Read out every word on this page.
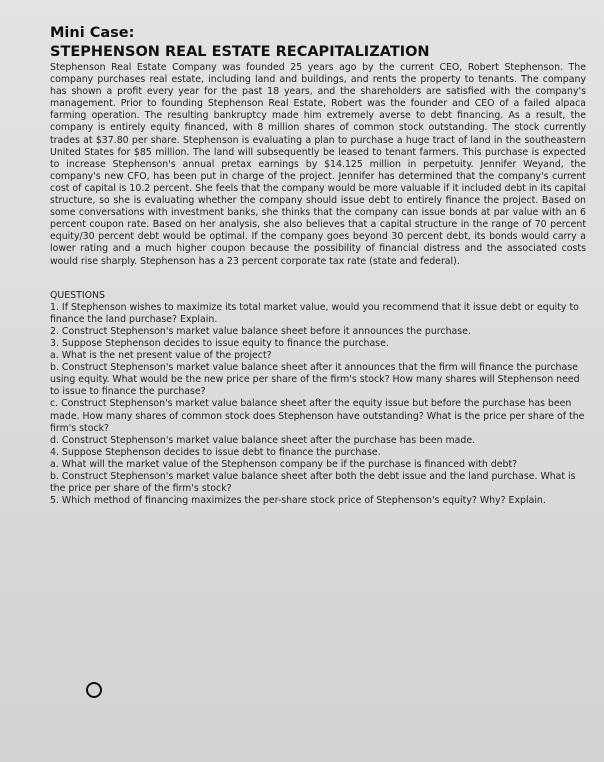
Mini Case:
STEPHENSON REAL ESTATE RECAPITALIZATION

Stephenson Real Estate Company was founded 25 years ago by the current CEO, Robert Stephenson. The company purchases real estate, including land and buildings, and rents the property to tenants. The company has shown a profit every year for the past 18 years, and the shareholders are satisfied with the company's management. Prior to founding Stephenson Real Estate, Robert was the founder and CEO of a failed alpaca farming operation. The resulting bankruptcy made him extremely averse to debt financing. As a result, the company is entirely equity financed, with 8 million shares of common stock outstanding. The stock currently trades at $37.80 per share. Stephenson is evaluating a plan to purchase a huge tract of land in the southeastern United States for $85 million. The land will subsequently be leased to tenant farmers. This purchase is expected to increase Stephenson's annual pretax earnings by $14.125 million in perpetuity. Jennifer Weyand, the company's new CFO, has been put in charge of the project. Jennifer has determined that the company's current cost of capital is 10.2 percent. She feels that the company would be more valuable if it included debt in its capital structure, so she is evaluating whether the company should issue debt to entirely finance the project. Based on some conversations with investment banks, she thinks that the company can issue bonds at par value with an 6 percent coupon rate. Based on her analysis, she also believes that a capital structure in the range of 70 percent equity/30 percent debt would be optimal. If the company goes beyond 30 percent debt, its bonds would carry a lower rating and a much higher coupon because the possibility of financial distress and the associated costs would rise sharply. Stephenson has a 23 percent corporate tax rate (state and federal).

QUESTIONS

1. If Stephenson wishes to maximize its total market value, would you recommend that it issue debt or equity to finance the land purchase? Explain.

2. Construct Stephenson's market value balance sheet before it announces the purchase.

3. Suppose Stephenson decides to issue equity to finance the purchase.

a. What is the net present value of the project?

b. Construct Stephenson's market value balance sheet after it announces that the firm will finance the purchase using equity. What would be the new price per share of the firm's stock? How many shares will Stephenson need to issue to finance the purchase?

c. Construct Stephenson's market value balance sheet after the equity issue but before the purchase has been made. How many shares of common stock does Stephenson have outstanding? What is the price per share of the firm's stock?

d. Construct Stephenson's market value balance sheet after the purchase has been made.

4. Suppose Stephenson decides to issue debt to finance the purchase.

a. What will the market value of the Stephenson company be if the purchase is financed with debt?

b. Construct Stephenson's market value balance sheet after both the debt issue and the land purchase. What is the price per share of the firm's stock?

5. Which method of financing maximizes the per-share stock price of Stephenson's equity? Why? Explain.
